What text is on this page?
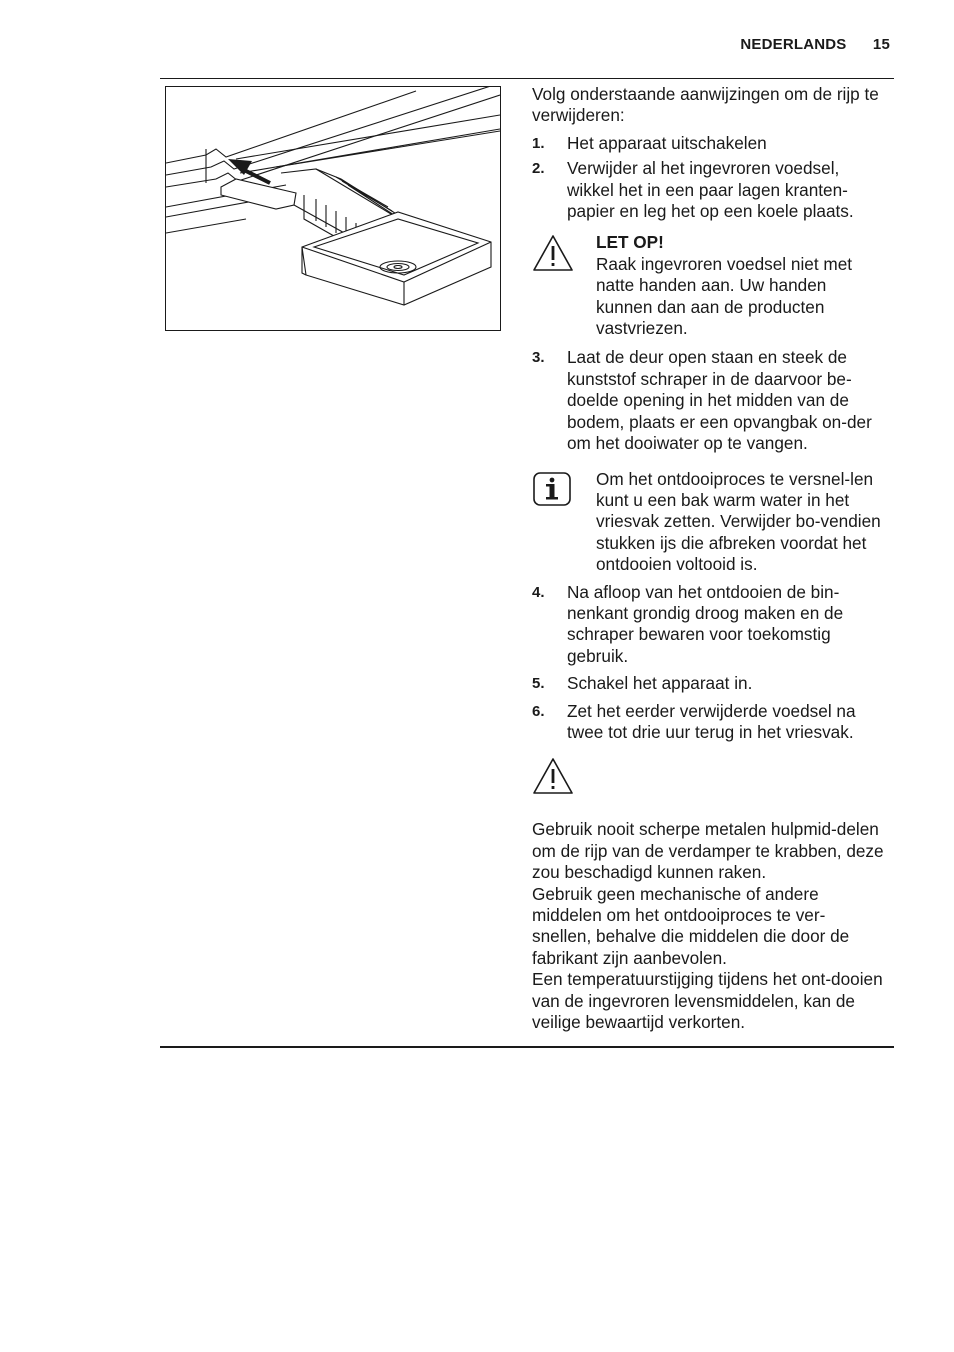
NEDERLANDS 15

Volg onderstaande aanwijzingen om de rijp te verwijderen:

1. Het apparaat uitschakelen
2. Verwijder al het ingevroren voedsel, wikkel het in een paar lagen kranten-papier en leg het op een koele plaats.
LET OP!
Raak ingevroren voedsel niet met natte handen aan. Uw handen kunnen dan aan de producten vastvriezen.
3. Laat de deur open staan en steek de kunststof schraper in de daarvoor be-doelde opening in het midden van de bodem, plaats er een opvangbak on-der om het dooiwater op te vangen.
Om het ontdooiproces te versnel-len kunt u een bak warm water in het vriesvak zetten. Verwijder bo-vendien stukken ijs die afbreken voordat het ontdooien voltooid is.
4. Na afloop van het ontdooien de bin-nenkant grondig droog maken en de schraper bewaren voor toekomstig gebruik.
5. Schakel het apparaat in.
6. Zet het eerder verwijderde voedsel na twee tot drie uur terug in het vriesvak.
Gebruik nooit scherpe metalen hulpmid-delen om de rijp van de verdamper te krabben, deze zou beschadigd kunnen raken.
Gebruik geen mechanische of andere middelen om het ontdooiproces te ver-snellen, behalve die middelen die door de fabrikant zijn aanbevolen.
Een temperatuurstijging tijdens het ont-dooien van de ingevroren levensmiddelen, kan de veilige bewaartijd verkorten.
